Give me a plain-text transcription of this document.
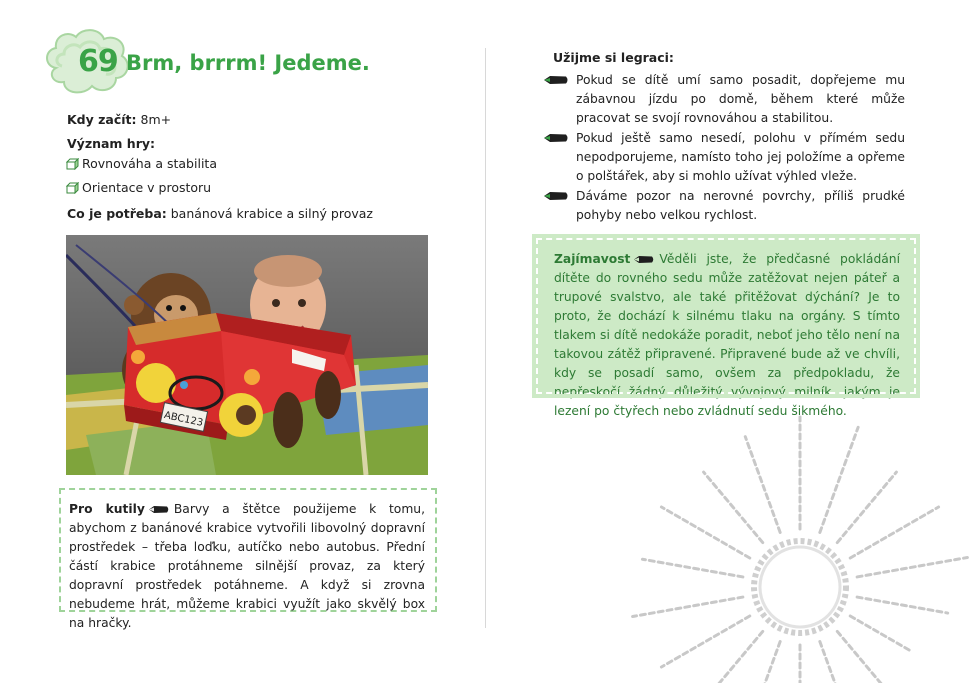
69 Brm, brrrm! Jedeme.
Kdy začít: 8m+
Význam hry:
Rovnováha a stabilita
Orientace v prostoru
Co je potřeba: banánová krabice a silný provaz
ABC123

Pro kutily Barvy a štětce použijeme k tomu, abychom z banánové krabice vytvořili libovolný dopravní prostředek – třeba loďku, autíčko nebo autobus. Přední částí krabice protáhneme silnější provaz, za který dopravní prostředek potáhneme. A když si zrovna nebudeme hrát, můžeme krabici využít jako skvělý box na hračky.

Užijme si legraci:

Pokud se dítě umí samo posadit, dopřejeme mu zábavnou jízdu po domě, během které může pracovat se svojí rovnováhou a stabilitou.

Pokud ještě samo nesedí, polohu v přímém sedu nepodporujeme, namísto toho jej položíme a opřeme o polštářek, aby si mohlo užívat výhled vleže.

Dáváme pozor na nerovné povrchy, příliš prudké pohyby nebo velkou rychlost.

Zajímavost Věděli jste, že předčasné pokládání dítěte do rovného sedu může zatěžovat nejen páteř a trupové svalstvo, ale také přitěžovat dýchání? Je to proto, že dochází k silnému tlaku na orgány. S tímto tlakem si dítě nedokáže poradit, neboť jeho tělo není na takovou zátěž připravené. Připravené bude až ve chvíli, kdy se posadí samo, ovšem za předpokladu, že nepřeskočí žádný důležitý vývojový milník, jakým je lezení po čtyřech nebo zvládnutí sedu šikmého.
